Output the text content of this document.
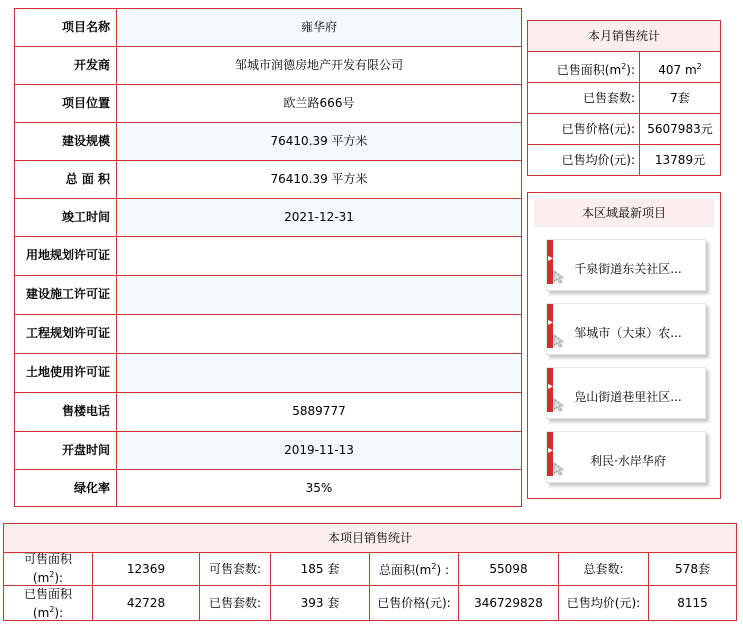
项目名称	雍华府
开发商	邹城市润德房地产开发有限公司
项目位置	欧兰路666号
建设规模	76410.39 平方米
总 面 积	76410.39 平方米
竣工时间	2021-12-31
用地规划许可证
建设施工许可证
工程规划许可证
土地使用许可证
售楼电话	5889777
开盘时间	2019-11-13
绿化率	35%
本月销售统计
已售面积$(m^2)$:	407 $m^2$
已售套数:	7套
已售价格(元):	5607983元
已售均价(元):	13789元
本区域最新项目
▸
千泉街道东关社区...
▸
邹城市（大束）农...
▸
凫山街道巷里社区...
▸
利民·水岸华府
本项目销售统计
可售面积
$(m^2)$:
12369	可售套数:	185 套	总面积$(m^2)$ :	55098	总套数:	578套
已售面积
$(m^2)$:
42728	已售套数:	393 套	已售价格(元):	346729828	已售均价(元):	8115
